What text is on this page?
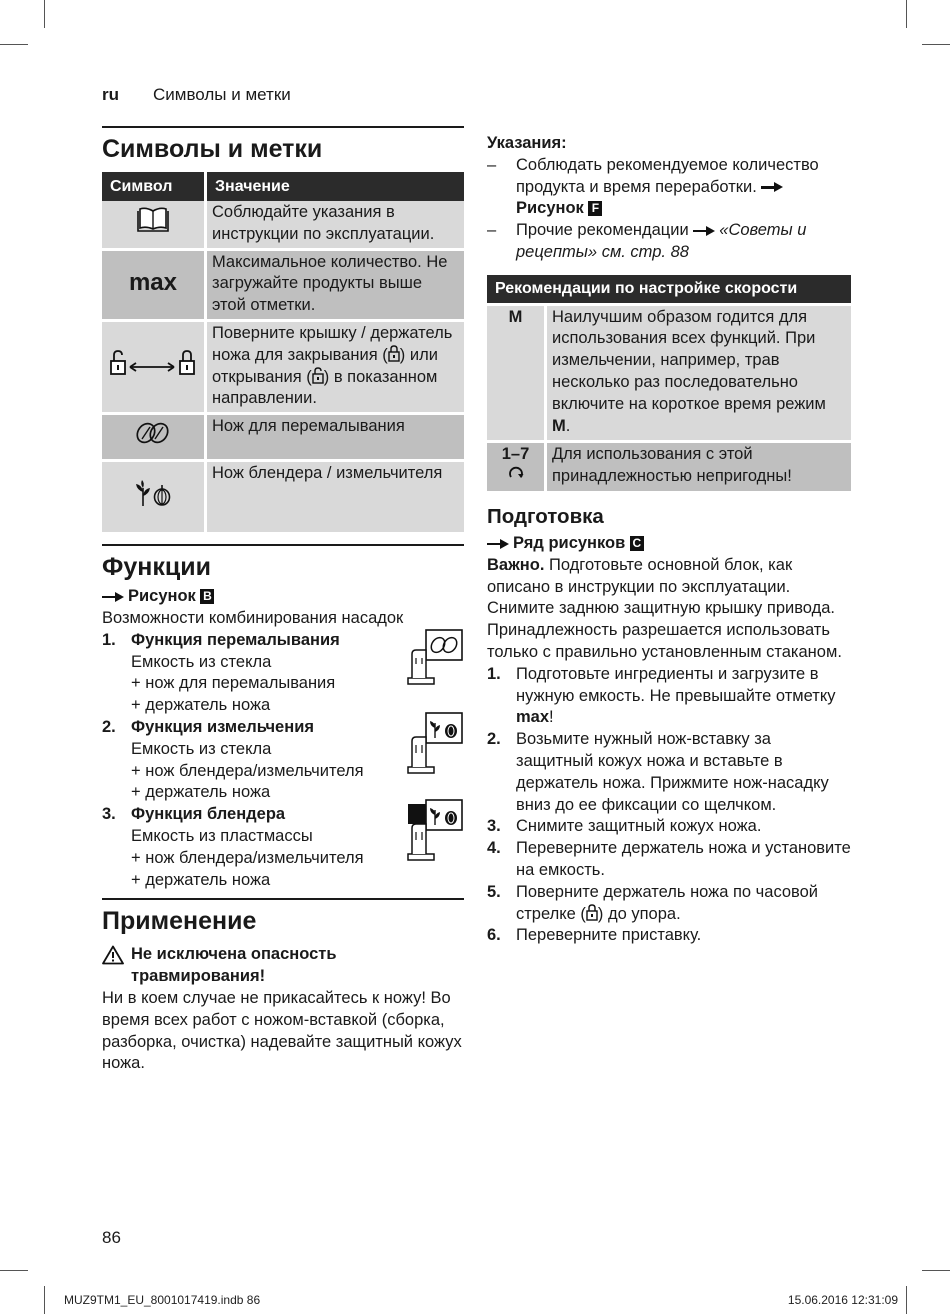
ru Символы и метки
Символы и метки
Символ	Значение
	Соблюдайте указания в инструкции по эксплуатации.
max	Максимальное количество. Не загружайте продукты выше этой отметки.
	Поверните крышку / держатель ножа для закрывания ( ) или открывания ( ) в показанном направлении.
	Нож для перемалывания
	Нож блендера / измельчителя
Функции
Рисунок B
Возможности комбинирования насадок
1. Функция перемалывания
Емкость из стекла
+ нож для перемалывания
+ держатель ножа
2. Функция измельчения
Емкость из стекла
+ нож блендера/измельчителя
+ держатель ножа
3. Функция блендера
Емкость из пластмассы
+ нож блендера/измельчителя
+ держатель ножа
Применение
Не исключена опасность
травмирования!
Ни в коем случае не прикасайтесь к ножу! Во время всех работ с ножом-вставкой (сборка, разборка, очистка) надевайте защитный кожух ножа.
Указания:
– Соблюдать рекомендуемое количество продукта и время переработки. Рисунок F
– Прочие рекомендации «Советы и рецепты» см. стр. 88
Рекомендации по настройке скорости	
M	Наилучшим образом годится для использования всех функций. При измельчении, например, трав несколько раз последовательно включите на короткое время режим M.

1–7	Для использования с этой принадлежностью непригодны!
Подготовка
Ряд рисунков C
Важно. Подготовьте основной блок, как описано в инструкции по эксплуатации. Снимите заднюю защитную крышку привода. Принадлежность разрешается использовать только с правильно установленным стаканом.
1. Подготовьте ингредиенты и загрузите в нужную емкость. Не превышайте отметку max!
2. Возьмите нужный нож-вставку за защитный кожух ножа и вставьте в держатель ножа. Прижмите нож-насадку вниз до ее фиксации со щелчком.
3. Снимите защитный кожух ножа.
4. Переверните держатель ножа и установите на емкость.
5. Поверните держатель ножа по часовой стрелке ( ) до упора.
6. Переверните приставку.
86
MUZ9TM1_EU_8001017419.indb 86	15.06.2016 12:31:09
